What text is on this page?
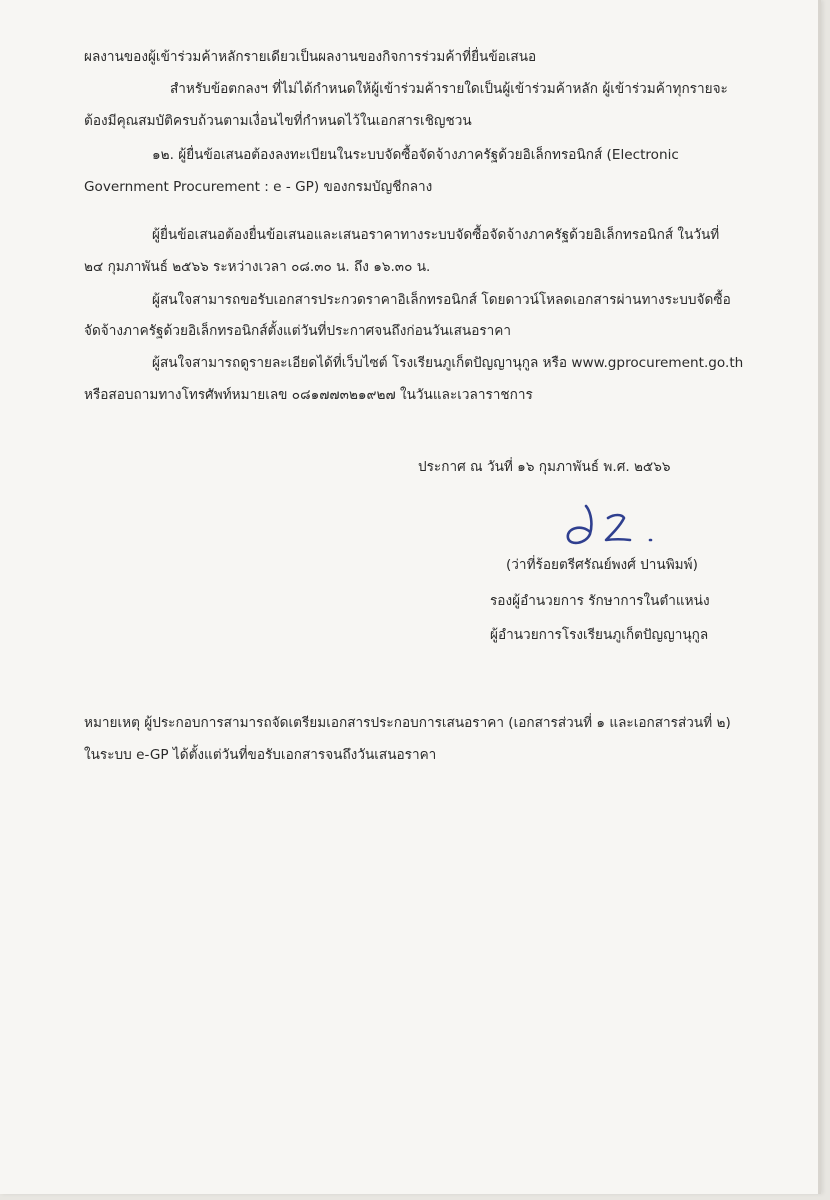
ผลงานของผู้เข้าร่วมค้าหลักรายเดียวเป็นผลงานของกิจการร่วมค้าที่ยื่นข้อเสนอ
สำหรับข้อตกลงฯ ที่ไม่ได้กำหนดให้ผู้เข้าร่วมค้ารายใดเป็นผู้เข้าร่วมค้าหลัก ผู้เข้าร่วมค้าทุกรายจะ
ต้องมีคุณสมบัติครบถ้วนตามเงื่อนไขที่กำหนดไว้ในเอกสารเชิญชวน
๑๒. ผู้ยื่นข้อเสนอต้องลงทะเบียนในระบบจัดซื้อจัดจ้างภาครัฐด้วยอิเล็กทรอนิกส์ (Electronic
Government Procurement : e - GP) ของกรมบัญชีกลาง
ผู้ยื่นข้อเสนอต้องยื่นข้อเสนอและเสนอราคาทางระบบจัดซื้อจัดจ้างภาครัฐด้วยอิเล็กทรอนิกส์ ในวันที่
๒๔ กุมภาพันธ์ ๒๕๖๖ ระหว่างเวลา ๐๘.๓๐ น. ถึง ๑๖.๓๐ น.
ผู้สนใจสามารถขอรับเอกสารประกวดราคาอิเล็กทรอนิกส์ โดยดาวน์โหลดเอกสารผ่านทางระบบจัดซื้อ
จัดจ้างภาครัฐด้วยอิเล็กทรอนิกส์ตั้งแต่วันที่ประกาศจนถึงก่อนวันเสนอราคา
ผู้สนใจสามารถดูรายละเอียดได้ที่เว็บไซต์ โรงเรียนภูเก็ตปัญญานุกูล หรือ www.gprocurement.go.th
หรือสอบถามทางโทรศัพท์หมายเลข ๐๘๑๗๗๓๒๑๙๒๗ ในวันและเวลาราชการ
ประกาศ ณ วันที่ ๑๖ กุมภาพันธ์ พ.ศ. ๒๕๖๖
(ว่าที่ร้อยตรีศรัณย์พงศ์ ปานพิมพ์)
รองผู้อำนวยการ รักษาการในตำแหน่ง
ผู้อำนวยการโรงเรียนภูเก็ตปัญญานุกูล
หมายเหตุ ผู้ประกอบการสามารถจัดเตรียมเอกสารประกอบการเสนอราคา (เอกสารส่วนที่ ๑ และเอกสารส่วนที่ ๒)
ในระบบ e-GP ได้ตั้งแต่วันที่ขอรับเอกสารจนถึงวันเสนอราคา
